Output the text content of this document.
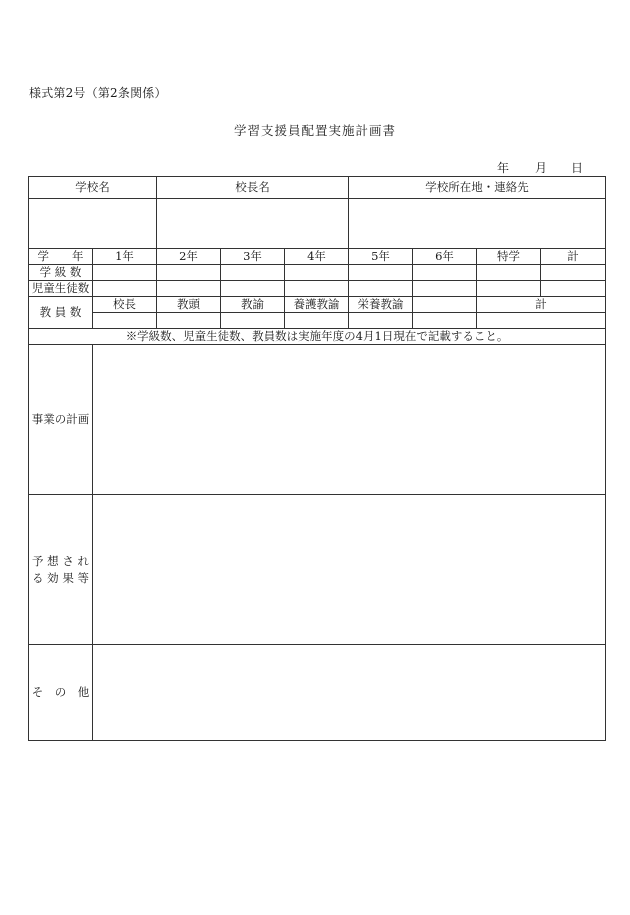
様式第2号（第2条関係）
学習支援員配置実施計画書
年 月 日
学校名		校長名			学校所在地・連絡先			

学　　年	1年	2年	3年	4年	5年	6年	特学	計
学 級 数								
児童生徒数								
教 員 数	校長	教頭	教諭	養護教諭	栄養教諭		計	

※学級数、児童生徒数、教員数は実施年度の4月1日現在で記載すること。								
事業の計画								
予 想 さ れ
る 効 果 等								
そ　の　他								
